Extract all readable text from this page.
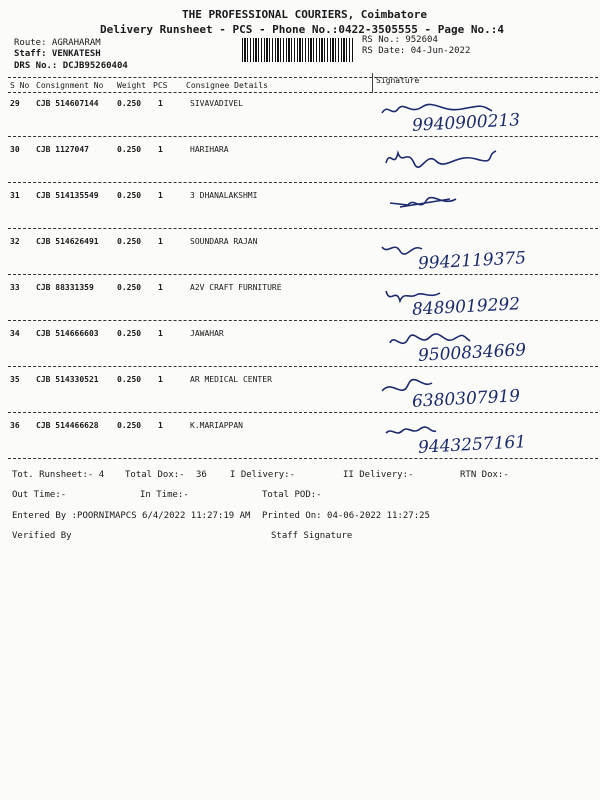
THE PROFESSIONAL COURIERS, Coimbatore
Delivery Runsheet - PCS - Phone No.:0422-3505555 - Page No.:4
Route: AGRAHARAM
Staff: VENKATESH
DRS No.: DCJB95260404
RS No.: 952604
RS Date: 04-Jun-2022
S No Consignment No Weight PCS Consignee Details
Signature
29 CJB 514607144 0.250 1	SIVAVADIVEL
9940900213
30 CJB 1127047	0.250 1	HARIHARA
31 CJB 514135549 0.250 1	3 DHANALAKSHMI
32 CJB 514626491 0.250 1	SOUNDARA RAJAN
9942119375
33 CJB 88331359	0.250 1	A2V CRAFT FURNITURE
8489019292
34 CJB 514666603 0.250 1	JAWAHAR
9500834669
35 CJB 514330521 0.250 1	AR MEDICAL CENTER
6380307919
36 CJB 514466628 0.250 1	K.MARIAPPAN
9443257161
Tot. Runsheet:- 4 Total Dox:- 36	I Delivery:-	II Delivery:-	RTN Dox:-
Out Time:-	In Time:-	Total POD:-
Entered By :POORNIMAPCS 6/4/2022 11:27:19 AM Printed On: 04-06-2022 11:27:25
Verified By	Staff Signature
